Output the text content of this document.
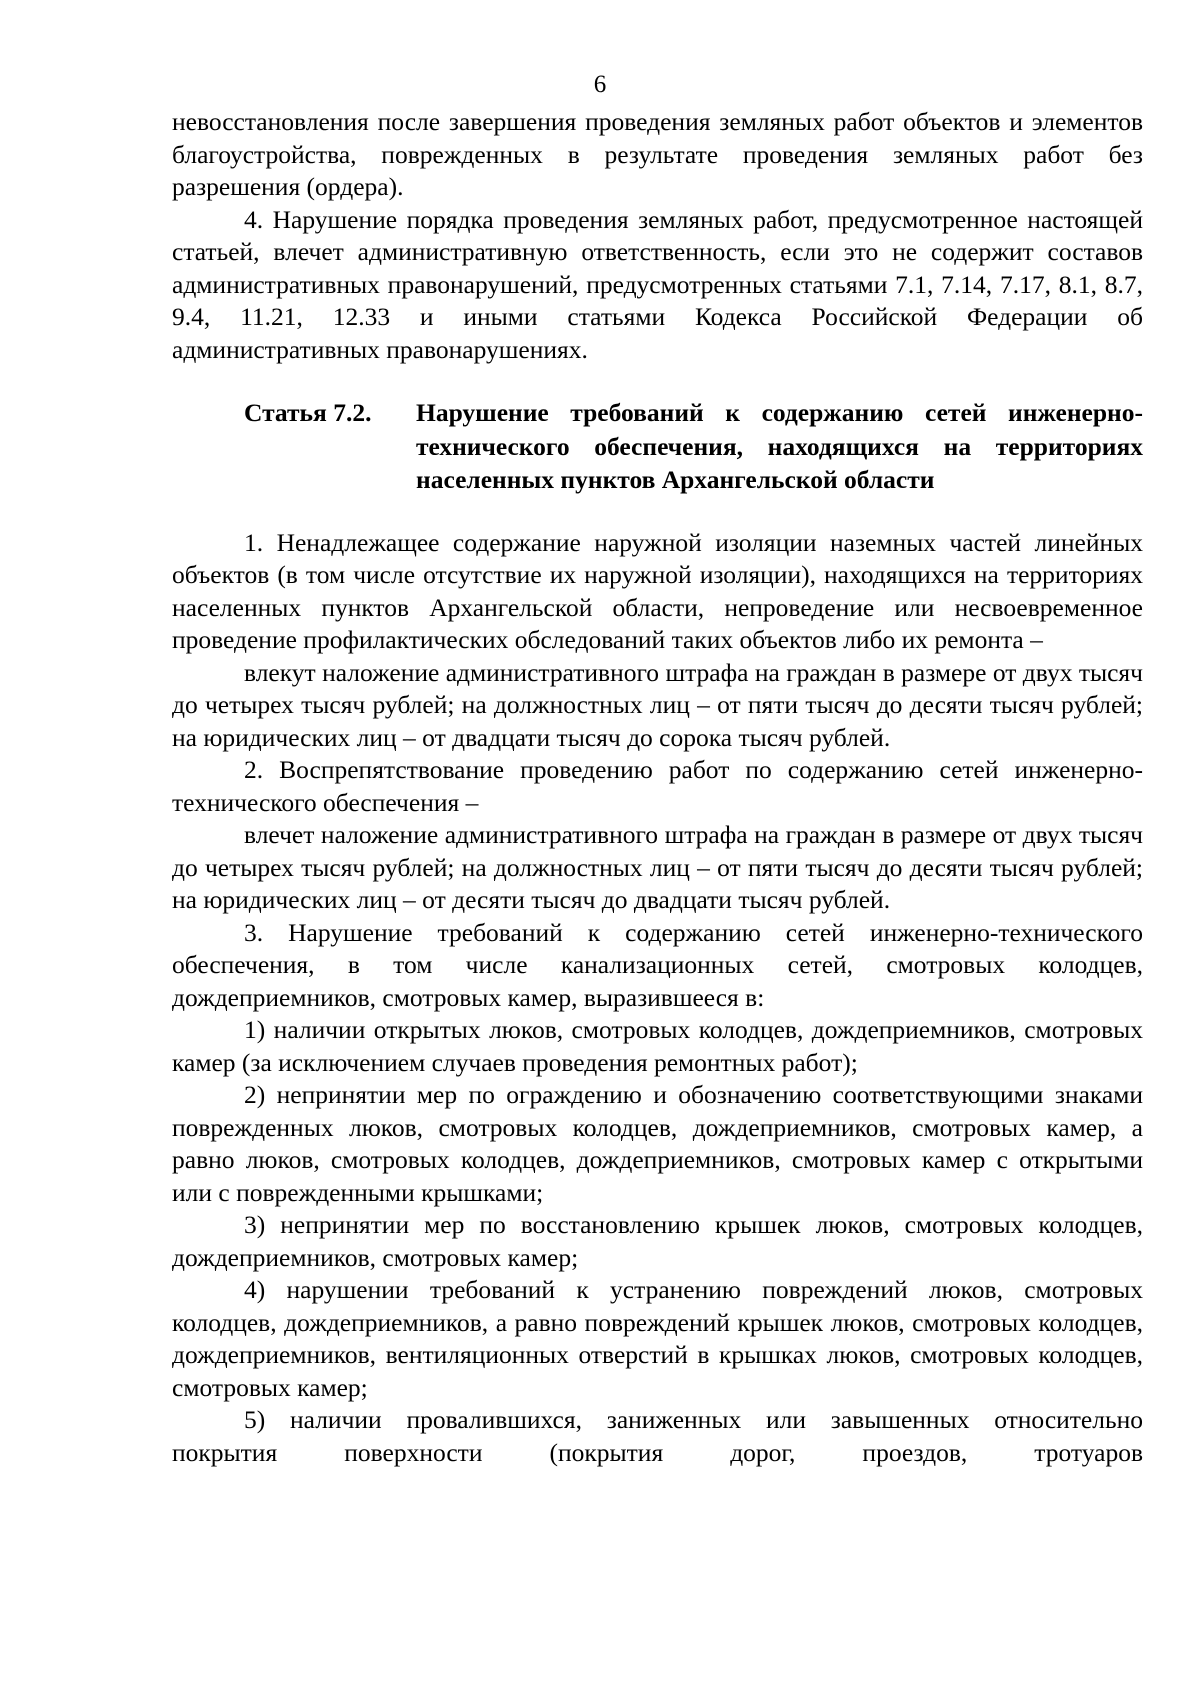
6

невосстановления после завершения проведения земляных работ объектов и элементов благоустройства, поврежденных в результате проведения земляных работ без разрешения (ордера).

4. Нарушение порядка проведения земляных работ, предусмотренное настоящей статьей, влечет административную ответственность, если это не содержит составов административных правонарушений, предусмотренных статьями 7.1, 7.14, 7.17, 8.1, 8.7, 9.4, 11.21, 12.33 и иными статьями Кодекса Российской Федерации об административных правонарушениях.

Статья 7.2.	Нарушение требований к содержанию сетей инженерно-технического обеспечения, находящихся на территориях населенных пунктов Архангельской области

1. Ненадлежащее содержание наружной изоляции наземных частей линейных объектов (в том числе отсутствие их наружной изоляции), находящихся на территориях населенных пунктов Архангельской области, непроведение или несвоевременное проведение профилактических обследований таких объектов либо их ремонта –

влекут наложение административного штрафа на граждан в размере от двух тысяч до четырех тысяч рублей; на должностных лиц – от пяти тысяч до десяти тысяч рублей; на юридических лиц – от двадцати тысяч до сорока тысяч рублей.

2. Воспрепятствование проведению работ по содержанию сетей инженерно-технического обеспечения –

влечет наложение административного штрафа на граждан в размере от двух тысяч до четырех тысяч рублей; на должностных лиц – от пяти тысяч до десяти тысяч рублей; на юридических лиц – от десяти тысяч до двадцати тысяч рублей.

3. Нарушение требований к содержанию сетей инженерно-технического обеспечения, в том числе канализационных сетей, смотровых колодцев, дождеприемников, смотровых камер, выразившееся в:

1) наличии открытых люков, смотровых колодцев, дождеприемников, смотровых камер (за исключением случаев проведения ремонтных работ);

2) непринятии мер по ограждению и обозначению соответствующими знаками поврежденных люков, смотровых колодцев, дождеприемников, смотровых камер, а равно люков, смотровых колодцев, дождеприемников, смотровых камер с открытыми или с поврежденными крышками;

3) непринятии мер по восстановлению крышек люков, смотровых колодцев, дождеприемников, смотровых камер;

4) нарушении требований к устранению повреждений люков, смотровых колодцев, дождеприемников, а равно повреждений крышек люков, смотровых колодцев, дождеприемников, вентиляционных отверстий в крышках люков, смотровых колодцев, смотровых камер;

5) наличии провалившихся, заниженных или завышенных относительно покрытия поверхности (покрытия дорог, проездов, тротуаров
